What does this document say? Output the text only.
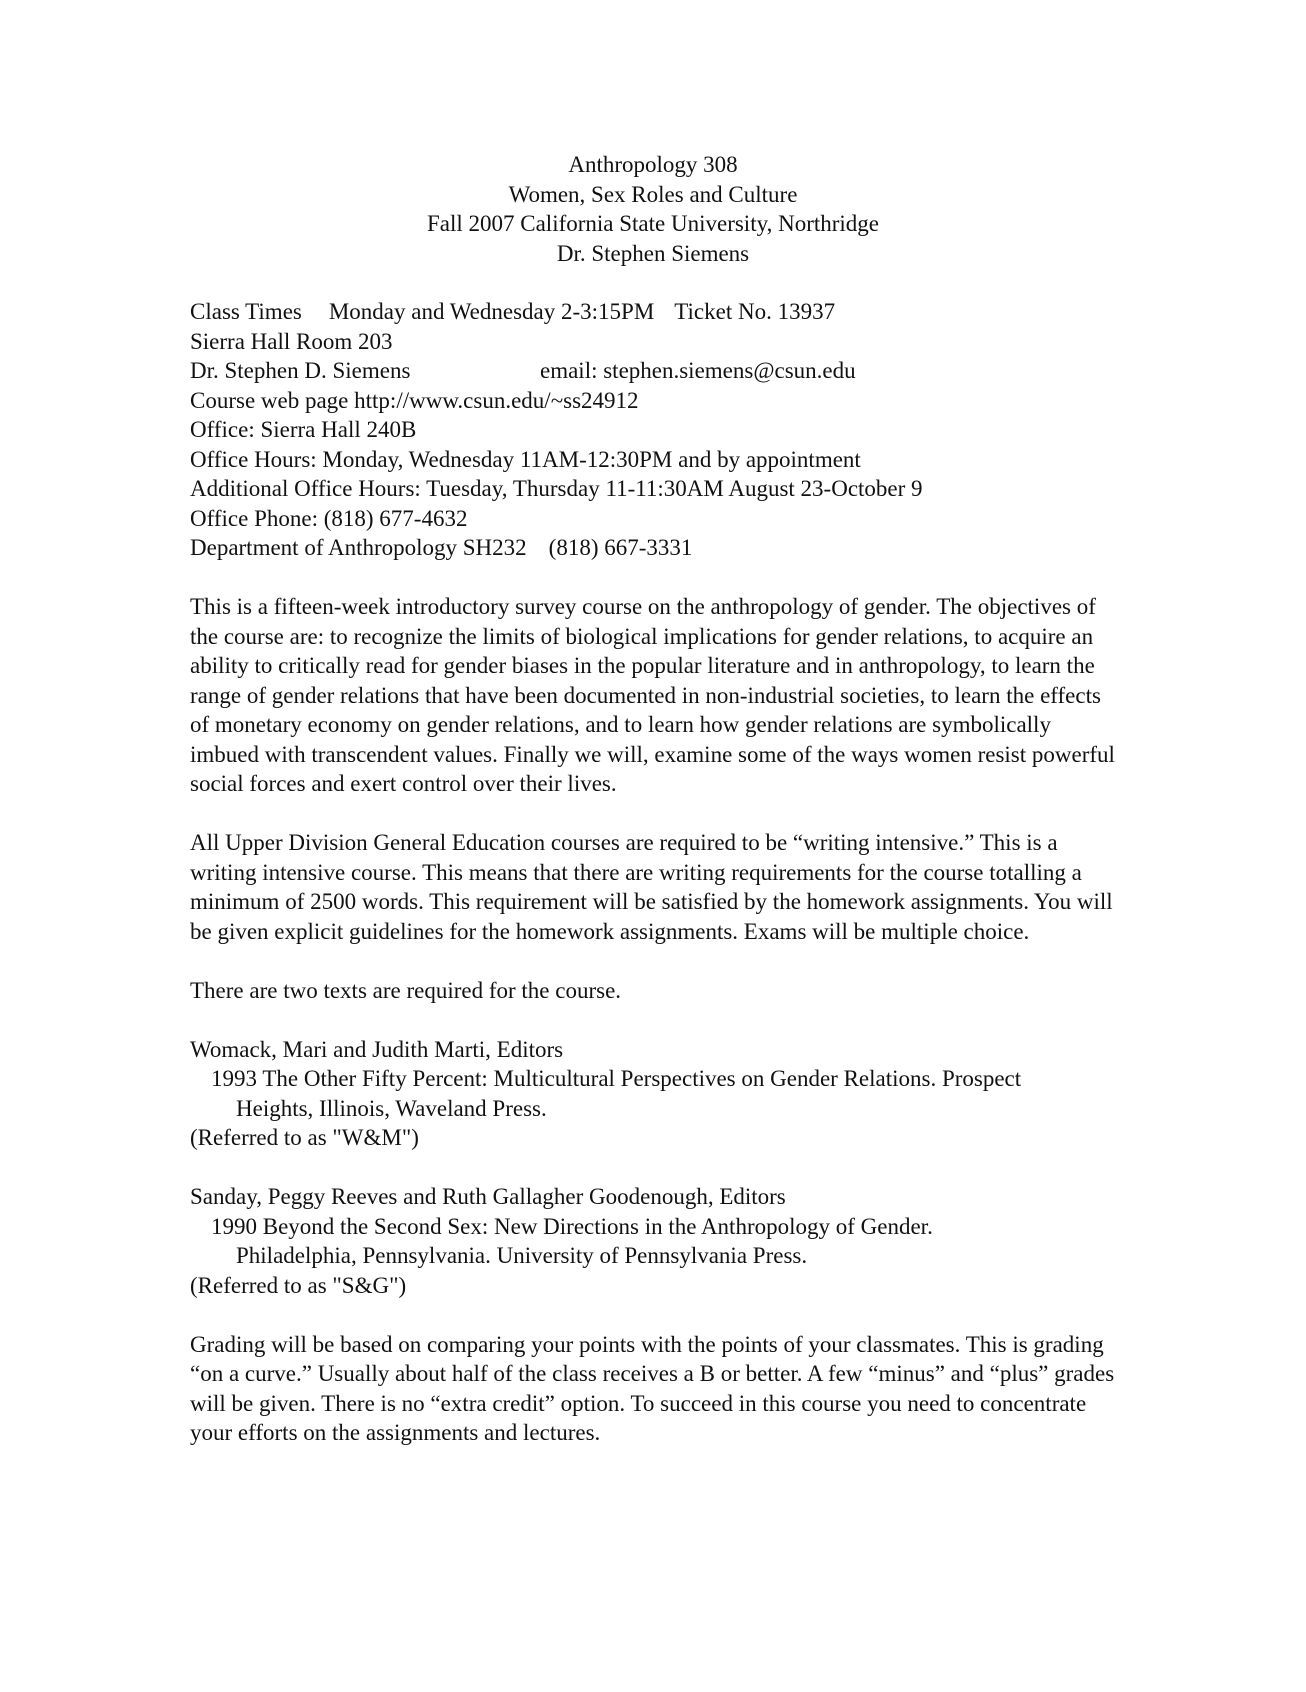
Anthropology 308
Women, Sex Roles and Culture
Fall 2007 California State University, Northridge
Dr. Stephen Siemens
Class Times Monday and Wednesday 2-3:15PM Ticket No. 13937
Sierra Hall Room 203
Dr. Stephen D. Siemens	email: stephen.siemens@csun.edu
Course web page http://www.csun.edu/~ss24912
Office: Sierra Hall 240B
Office Hours: Monday, Wednesday 11AM-12:30PM and by appointment
Additional Office Hours: Tuesday, Thursday 11-11:30AM August 23-October 9
Office Phone: (818) 677-4632
Department of Anthropology SH232 (818) 667-3331

This is a fifteen-week introductory survey course on the anthropology of gender. The objectives of the course are: to recognize the limits of biological implications for gender relations, to acquire an ability to critically read for gender biases in the popular literature and in anthropology, to learn the range of gender relations that have been documented in non-industrial societies, to learn the effects of monetary economy on gender relations, and to learn how gender relations are symbolically imbued with transcendent values. Finally we will, examine some of the ways women resist powerful social forces and exert control over their lives.

All Upper Division General Education courses are required to be “writing intensive.” This is a writing intensive course. This means that there are writing requirements for the course totalling a minimum of 2500 words. This requirement will be satisfied by the homework assignments. You will be given explicit guidelines for the homework assignments. Exams will be multiple choice.

There are two texts are required for the course.

Womack, Mari and Judith Marti, Editors
1993 The Other Fifty Percent: Multicultural Perspectives on Gender Relations. Prospect
Heights, Illinois, Waveland Press.
(Referred to as "W&M")
Sanday, Peggy Reeves and Ruth Gallagher Goodenough, Editors
1990 Beyond the Second Sex: New Directions in the Anthropology of Gender.
Philadelphia, Pennsylvania. University of Pennsylvania Press.
(Referred to as "S&G")

Grading will be based on comparing your points with the points of your classmates. This is grading “on a curve.” Usually about half of the class receives a B or better. A few “minus” and “plus” grades will be given. There is no “extra credit” option. To succeed in this course you need to concentrate your efforts on the assignments and lectures.
